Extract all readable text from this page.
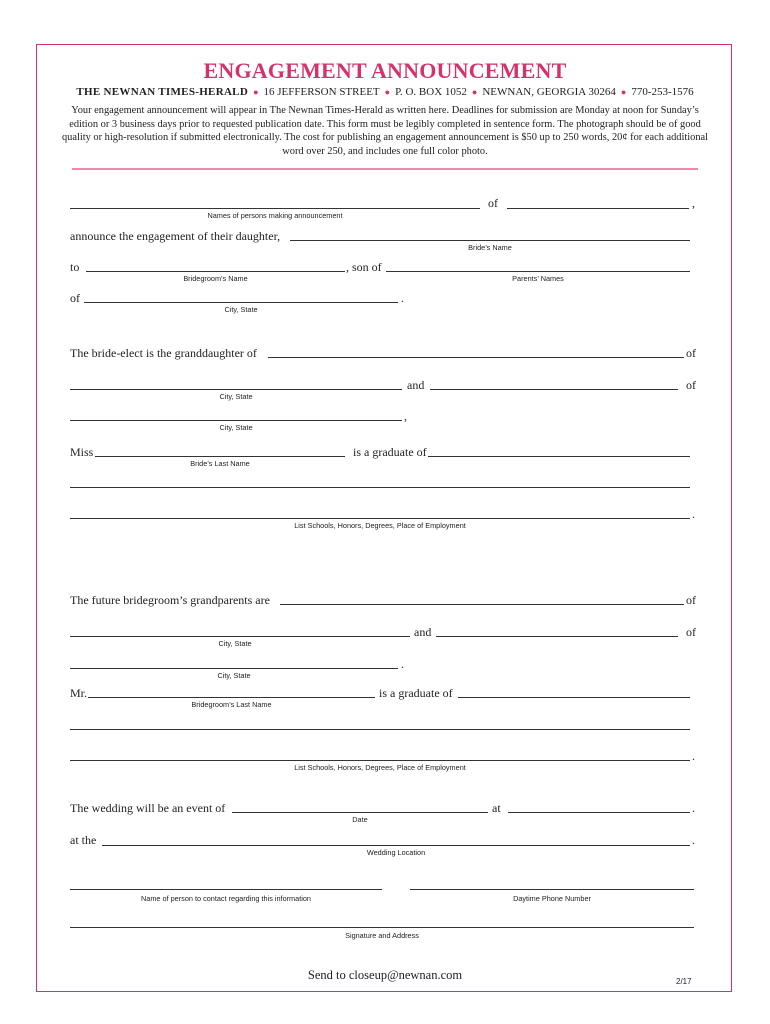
ENGAGEMENT ANNOUNCEMENT
THE NEWNAN TIMES-HERALD ● 16 JEFFERSON STREET ● P. O. BOX 1052 ● NEWNAN, GEORGIA 30264 ● 770-253-1576
Your engagement announcement will appear in The Newnan Times-Herald as written here. Deadlines for submission are Monday at noon for Sunday’s edition or 3 business days prior to requested publication date. This form must be legibly completed in sentence form. The photograph should be of good quality or high-resolution if submitted electronically. The cost for publishing an engagement announcement is $50 up to 250 words, 20¢ for each additional word over 250, and includes one full color photo.
of	,
Names of persons making announcement
announce the engagement of their daughter,
Bride’s Name
to	, son of
Bridegroom’s Name	Parents’ Names
of	.
City, State
The bride-elect is the granddaughter of	of
and	of
City, State
,
City, State
Miss	is a graduate of
Bride’s Last Name
.
List Schools, Honors, Degrees, Place of Employment
The future bridegroom’s grandparents are	of
and	of
City, State
.
City, State
Mr.	is a graduate of
Bridegroom’s Last Name
.
List Schools, Honors, Degrees, Place of Employment
The wedding will be an event of	at	.
Date
at the	.
Wedding Location
Name of person to contact regarding this information	Daytime Phone Number
Signature and Address
Send to closeup@newnan.com	2/17
